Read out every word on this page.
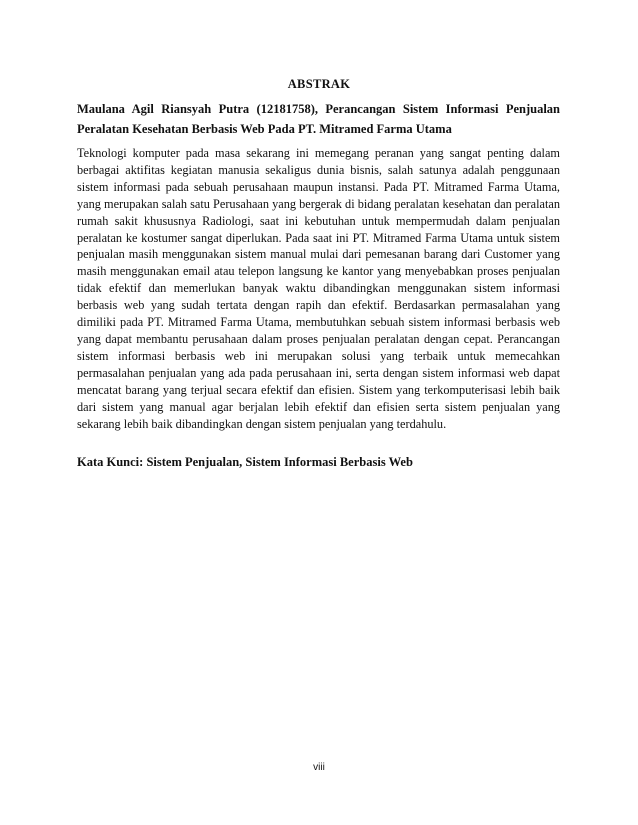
ABSTRAK
Maulana Agil Riansyah Putra (12181758), Perancangan Sistem Informasi Penjualan Peralatan Kesehatan Berbasis Web Pada PT. Mitramed Farma Utama

Teknologi komputer pada masa sekarang ini memegang peranan yang sangat penting dalam berbagai aktifitas kegiatan manusia sekaligus dunia bisnis, salah satunya adalah penggunaan sistem informasi pada sebuah perusahaan maupun instansi. Pada PT. Mitramed Farma Utama, yang merupakan salah satu Perusahaan yang bergerak di bidang peralatan kesehatan dan peralatan rumah sakit khususnya Radiologi, saat ini kebutuhan untuk mempermudah dalam penjualan peralatan ke kostumer sangat diperlukan. Pada saat ini PT. Mitramed Farma Utama untuk sistem penjualan masih menggunakan sistem manual mulai dari pemesanan barang dari Customer yang masih menggunakan email atau telepon langsung ke kantor yang menyebabkan proses penjualan tidak efektif dan memerlukan banyak waktu dibandingkan menggunakan sistem informasi berbasis web yang sudah tertata dengan rapih dan efektif. Berdasarkan permasalahan yang dimiliki pada PT. Mitramed Farma Utama, membutuhkan sebuah sistem informasi berbasis web yang dapat membantu perusahaan dalam proses penjualan peralatan dengan cepat. Perancangan sistem informasi berbasis web ini merupakan solusi yang terbaik untuk memecahkan permasalahan penjualan yang ada pada perusahaan ini, serta dengan sistem informasi web dapat mencatat barang yang terjual secara efektif dan efisien. Sistem yang terkomputerisasi lebih baik dari sistem yang manual agar berjalan lebih efektif dan efisien serta sistem penjualan yang sekarang lebih baik dibandingkan dengan sistem penjualan yang terdahulu.

Kata Kunci: Sistem Penjualan, Sistem Informasi Berbasis Web
viii
